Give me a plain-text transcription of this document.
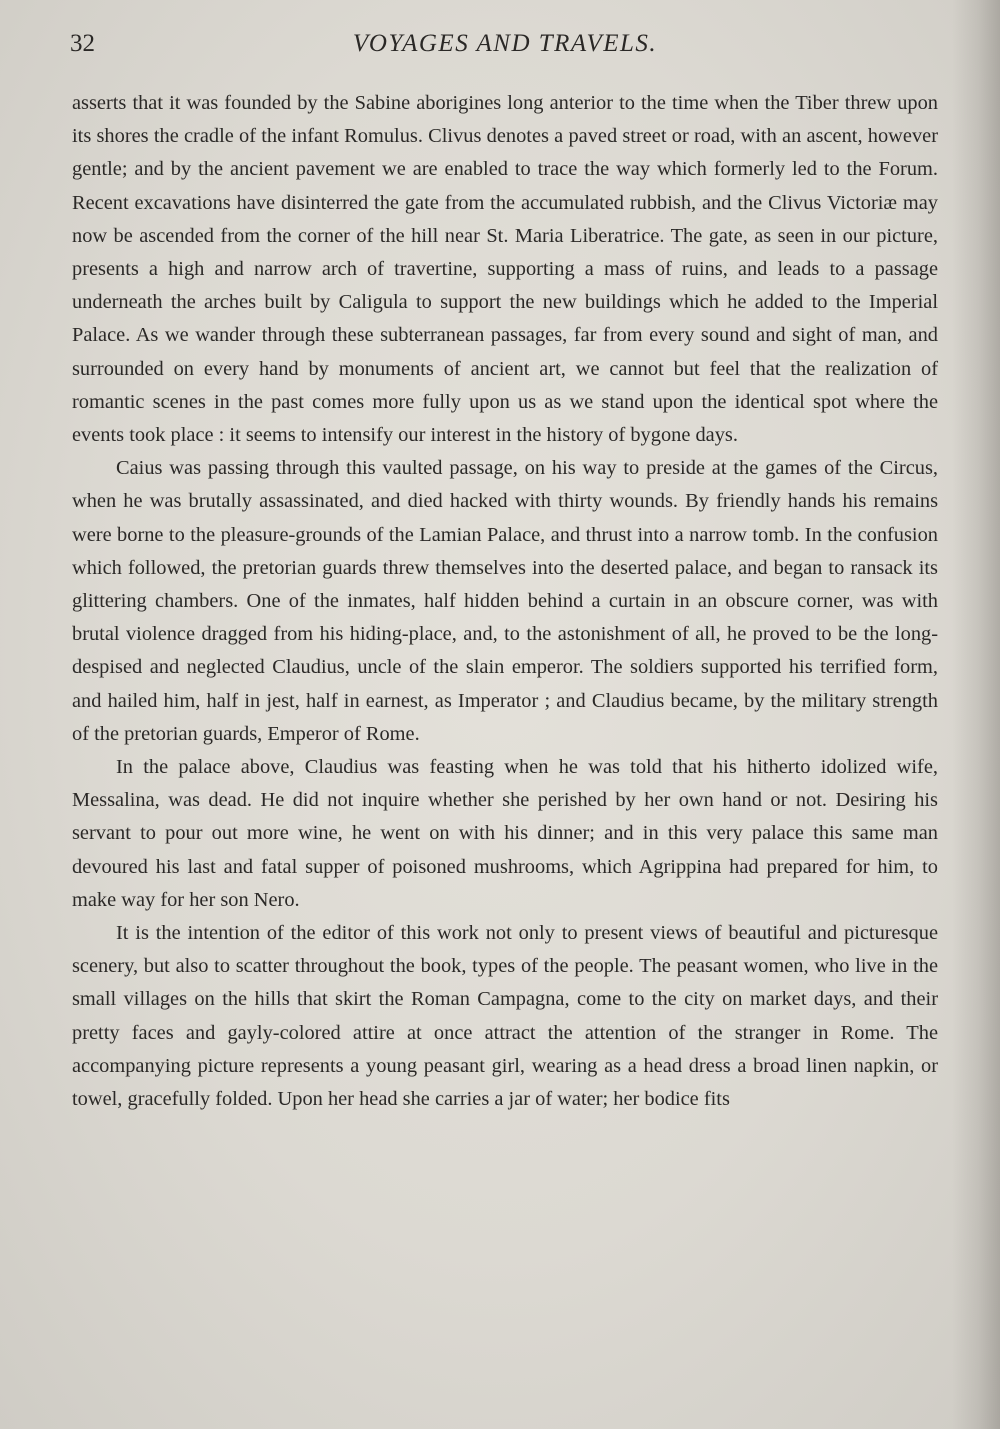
32	VOYAGES AND TRAVELS.

asserts that it was founded by the Sabine aborigines long anterior to the time when the Tiber threw upon its shores the cradle of the infant Romulus. Clivus denotes a paved street or road, with an ascent, however gentle; and by the ancient pavement we are enabled to trace the way which formerly led to the Forum. Recent excavations have disinterred the gate from the accumulated rubbish, and the Clivus Victoriæ may now be ascended from the corner of the hill near St. Maria Liberatrice. The gate, as seen in our picture, presents a high and narrow arch of travertine, supporting a mass of ruins, and leads to a passage underneath the arches built by Caligula to support the new buildings which he added to the Imperial Palace. As we wander through these subterranean passages, far from every sound and sight of man, and surrounded on every hand by monuments of ancient art, we cannot but feel that the realization of romantic scenes in the past comes more fully upon us as we stand upon the identical spot where the events took place : it seems to intensify our interest in the history of bygone days.

Caius was passing through this vaulted passage, on his way to preside at the games of the Circus, when he was brutally assassinated, and died hacked with thirty wounds. By friendly hands his remains were borne to the pleasure-grounds of the Lamian Palace, and thrust into a narrow tomb. In the confusion which followed, the pretorian guards threw themselves into the deserted palace, and began to ransack its glittering chambers. One of the inmates, half hidden behind a curtain in an obscure corner, was with brutal violence dragged from his hiding-place, and, to the astonishment of all, he proved to be the long-despised and neglected Claudius, uncle of the slain emperor. The soldiers supported his terrified form, and hailed him, half in jest, half in earnest, as Imperator ; and Claudius became, by the military strength of the pretorian guards, Emperor of Rome.

In the palace above, Claudius was feasting when he was told that his hitherto idolized wife, Messalina, was dead. He did not inquire whether she perished by her own hand or not. Desiring his servant to pour out more wine, he went on with his dinner; and in this very palace this same man devoured his last and fatal supper of poisoned mushrooms, which Agrippina had prepared for him, to make way for her son Nero.

It is the intention of the editor of this work not only to present views of beautiful and picturesque scenery, but also to scatter throughout the book, types of the people. The peasant women, who live in the small villages on the hills that skirt the Roman Campagna, come to the city on market days, and their pretty faces and gayly-colored attire at once attract the attention of the stranger in Rome. The accompanying picture represents a young peasant girl, wearing as a head dress a broad linen napkin, or towel, gracefully folded. Upon her head she carries a jar of water; her bodice fits
